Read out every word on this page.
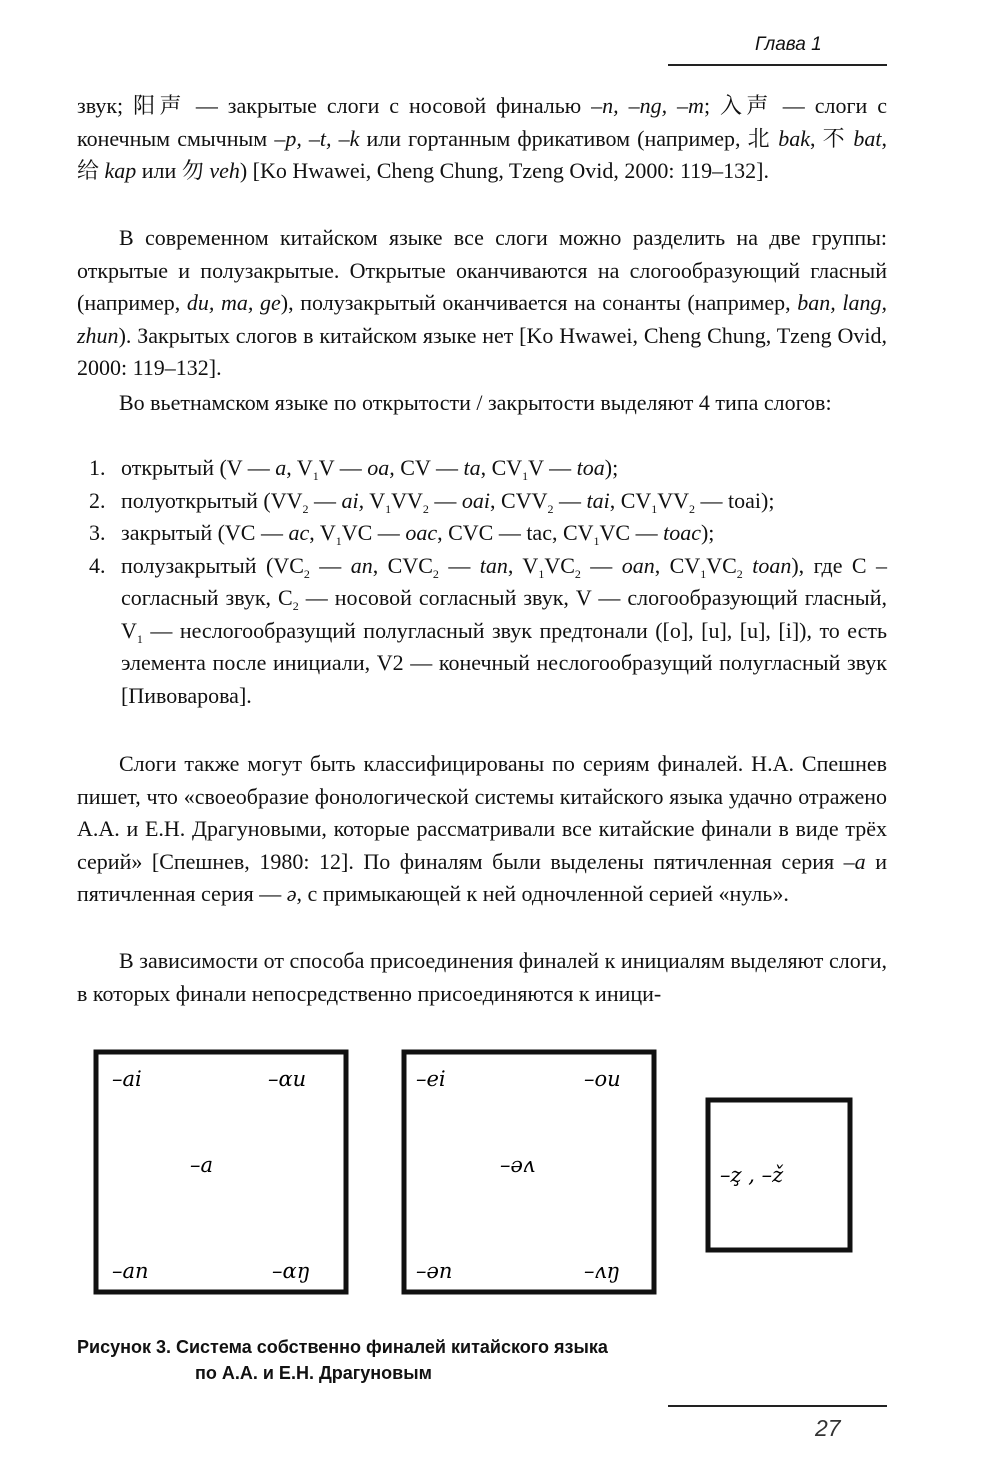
Глава 1

звук; 阳声 — закрытые слоги с носовой финалью –n, –ng, –m; 入声 — слоги с конечным смычным –p, –t, –k или гортанным фрикативом (например, 北 bak, 不 bat, 给 kap или 勿 veh) [Ko Hwawei, Cheng Chung, Tzeng Ovid, 2000: 119–132].

В современном китайском языке все слоги можно разделить на две группы: открытые и полузакрытые. Открытые оканчиваются на слогообразующий гласный (например, du, ma, ge), полузакрытый оканчивается на сонанты (например, ban, lang, zhun). Закрытых слогов в китайском языке нет [Ko Hwawei, Cheng Chung, Tzeng Ovid, 2000: 119–132].

Во вьетнамском языке по открытости / закрытости выделяют 4 типа слогов:

1. открытый (V — a, $V_1V$ — oa, CV — ta, $CV_1V$ — toa);
2. полуоткрытый ($VV_2$ — ai, $V_1VV_2$ — oai, $CVV_2$ — tai, $CV_1VV_2$ — toai);
3. закрытый (VC — ac, $V_1VC$ — oac, CVC — tac, $CV_1VC$ — toac);
4. полузакрытый ($VC_2$ — an, $CVC_2$ — tan, $V_1VC_2$ — oan, $CV_1VC_2$ toan), где С – согласный звук, $С_2$ — носовой согласный звук, V — слогообразующий гласный, $V_1$ — неслогообразущий полугласный звук предтонали ([o], [u], [u], [i]), то есть элемента после инициали, V2 — конечный неслогообразущий полугласный звук [Пивоварова].

Слоги также могут быть классифицированы по сериям финалей. Н.А. Спешнев пишет, что «своеобразие фонологической системы китайского языка удачно отражено А.А. и Е.Н. Драгуновыми, которые рассматривали все китайские финали в виде трёх серий» [Спешнев, 1980: 12]. По финалям были выделены пятичленная серия –a и пятичленная серия — ə, с примыкающей к ней одночленной серией «нуль».

В зависимости от способа присоединения финалей к инициалям выделяют слоги, в которых финали непосредственно присоединяются к иници-

–ai	–αu
–a
–an	–αŋ
–ei	–ou
–əʌ
–ən	–ʌŋ
–z̧ , –ž
Рисунок 3. Система собственно финалей китайского языка
по А.А. и Е.Н. Драгуновым
27
